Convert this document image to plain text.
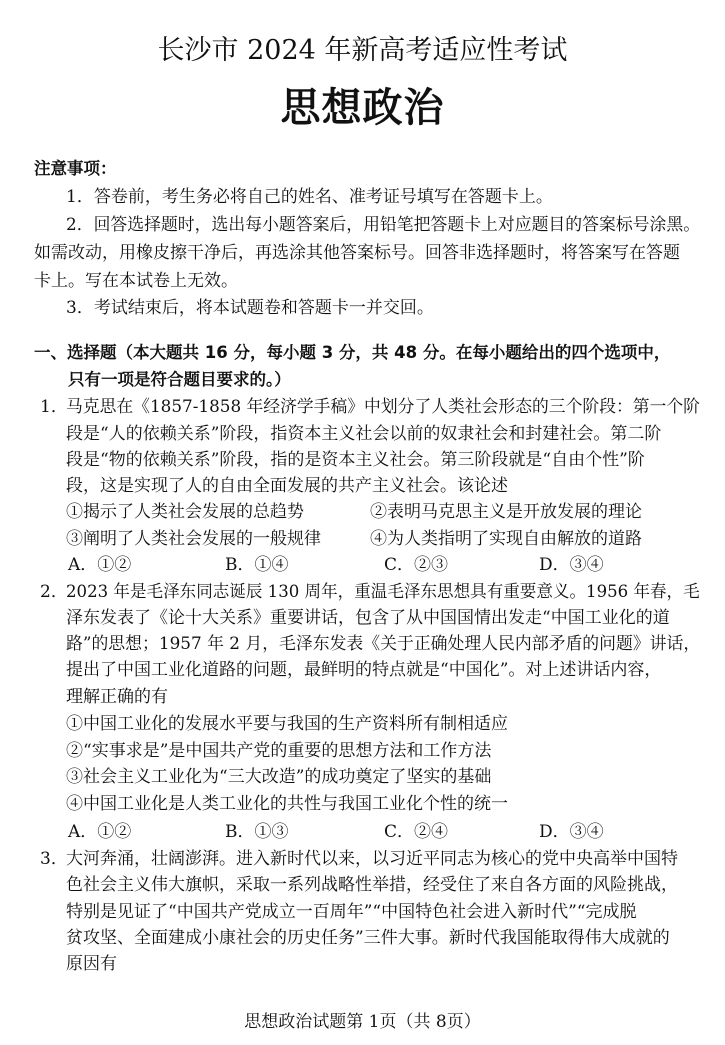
长沙市 2024 年新高考适应性考试
思想政治
注意事项：
1．答卷前，考生务必将自己的姓名、准考证号填写在答题卡上。
2．回答选择题时，选出每小题答案后，用铅笔把答题卡上对应题目的答案标号涂黑。
如需改动，用橡皮擦干净后，再选涂其他答案标号。回答非选择题时，将答案写在答题
卡上。写在本试卷上无效。
3．考试结束后，将本试题卷和答题卡一并交回。
一、选择题（本大题共 16 分，每小题 3 分，共 48 分。在每小题给出的四个选项中，
只有一项是符合题目要求的。）
1．
马克思在《1857-1858 年经济学手稿》中划分了人类社会形态的三个阶段：第一个阶
段是“人的依赖关系”阶段，指资本主义社会以前的奴隶社会和封建社会。第二阶
段是“物的依赖关系”阶段，指的是资本主义社会。第三阶段就是“自由个性”阶
段，这是实现了人的自由全面发展的共产主义社会。该论述
①揭示了人类社会发展的总趋势	②表明马克思主义是开放发展的理论
③阐明了人类社会发展的一般规律	④为人类指明了实现自由解放的道路
A．①②	B．①④	C．②③	D．③④
2．
2023 年是毛泽东同志诞辰 130 周年，重温毛泽东思想具有重要意义。1956 年春，毛
泽东发表了《论十大关系》重要讲话，包含了从中国国情出发走“中国工业化的道
路”的思想；1957 年 2 月，毛泽东发表《关于正确处理人民内部矛盾的问题》讲话，
提出了中国工业化道路的问题，最鲜明的特点就是“中国化”。对上述讲话内容，
理解正确的有
①中国工业化的发展水平要与我国的生产资料所有制相适应
②“实事求是”是中国共产党的重要的思想方法和工作方法
③社会主义工业化为“三大改造”的成功奠定了坚实的基础
④中国工业化是人类工业化的共性与我国工业化个性的统一
A．①②	B．①③	C．②④	D．③④
3．
大河奔涌，壮阔澎湃。进入新时代以来，以习近平同志为核心的党中央高举中国特
色社会主义伟大旗帜，采取一系列战略性举措，经受住了来自各方面的风险挑战，
特别是见证了“中国共产党成立一百周年”“中国特色社会进入新时代”“完成脱
贫攻坚、全面建成小康社会的历史任务”三件大事。新时代我国能取得伟大成就的
原因有
思想政治试题第 1页（共 8页）
